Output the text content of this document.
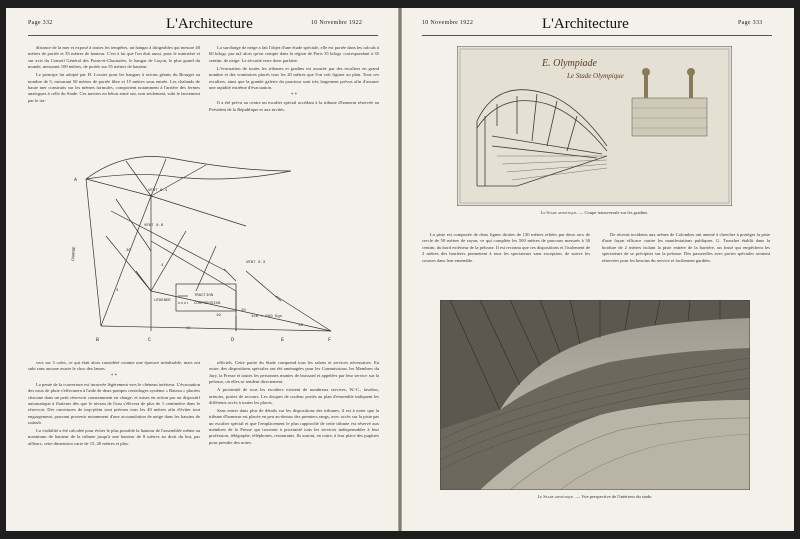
Page 332	L'Architecture	10 Novembre 1922

distance de la mer et exposé à toutes les tempêtes, un hangar à dirigeables qui mesure 40 mètres de portée et 35 mètres de hauteur. C'est à lui que l'on doit aussi, pour le ministère et sur avis du Conseil Général des Ponts-et-Chaussées, le hangar de Luçon, le plus grand du monde, mesurant 100 mètres, de portée sur 55 mètres de hauteur.

Le principe fut adopté par H. Lossier pour les hangars à avions géants du Bourget au nombre de 5, mesurant 50 mètres de portée libre et 15 mètres sous entrée. Les chalands de haute mer construits sur les mêmes formules, comportent notamment à l'arrière des fermes analogues à celle du Stade. Ces navires en béton armé ont, non seulement, subi le lancement par le tra-

La surcharge de neige a fait l'objet d'une étude spéciale, elle est portée dans les calculs à 60 kilogr. par m2 alors qu'on compte dans la région de Paris 35 kilogr. correspondant à 35 centim. de neige. La sécurité reste donc parfaite.

L'évacuation de toutes les tribunes et gradins est assurée par des escaliers en grand nombre et des vomitoires placés tous les 20 mètres que l'on voit figurer au plan. Tous ces escaliers, ainsi que la grande galerie du pourtour sont très largement prévus afin d'assurer une rapidité extrême d'évacuation.

* *

Il a été prévu au centre un escalier spécial accédant à la tribune d'honneur réservée au Président de la République et aux invités.

A
B	C	D	E	F
VENT 0.4
VENT 0.8
VENT 0.3
TRACTION
COMPRESSION
LÉGENDE
CHARGE
1cm = 500 Kgs
15
19
20
13
30
4
3

vers sur 3 cales, ce qui était alors considéré comme une épreuve irréalisable, mais ont subi sans aucune avarie le choc des lames.

* *

La pente de la couverture est incurvée légèrement vers le chéneau intérieur. L'évacuation des eaux de pluie s'effectuera à l'aide de deux pompes centrifuges système « Rateau » placées chacune dans un petit réservoir constamment en charge, et mises en action par un dispositif automatique à flotteurs dès que le niveau de l'eau s'élèvera de plus de 1 centimètre dans le réservoir. Des ouvertures de trop-plein sont prévues tous les 40 mètres afin d'éviter tout engorgement, pouvant provenir notamment d'une accumulation de neige dans les bassins de radoub.

La visibilité a été calculée pour éviter le plus possible la hauteur de l'assemblée même au maximum de hauteur de la tribune jusqu'à une hauteur de 8 mètres au droit du but, par ailleurs, cette dimension varie de 15, 20 mètres et plus.

officiels. Cette partie du Stade comprend tous les salons et services nécessaires. En outre, des dispositions spéciales ont été aménagées pour les Commissions, les Membres du Jury, la Presse et toutes les personnes munies de brassard et appelées par leur service sur la pelouse, où elles se rendent directement.

A proximité de tous les escaliers existent de nombreux services, W.-C., lavabos, urinoirs, postes de secours. Les disques de couleur portés au plan d'ensemble indiquent les différents accès à toutes les places.

Sans entrer dans plus de détails sur les dispositions des tribunes, il est à noter que la tribune d'honneur est placée en peu au-dessus des premiers rangs, avec accès sur la piste par un escalier spécial et que l'emplacement le plus rapproché de cette tribune est réservé aux membres de la Presse qui trouvent à proximité tous les services indispensables à leur profession, télégraphe, téléphones, restaurants. Ils auront, en outre, à leur place des pupitres pour prendre des notes.

10 Novembre 1922	L'Architecture	Page 333
E. Olympiade
Le Stade Olympique
Le Stade athlétique. — Coupe transversale sur les gradins.

La piste est composée de deux lignes droites de 130 mètres reliées par deux arcs de cercle de 50 mètres de rayon, ce qui complète les 500 mètres de parcours mesurés à 30 centim. du bord extérieur de la pelouse. Il est reconnu que ces dispositions et l'isolement de 2 mètres des barrières permettent à tous les spectateurs sans exception, de suivre les courses dans leur ensemble.

De récents incidents aux arènes de Colombes ont amené à chercher à protéger la piste d'une façon efficace contre les manifestations publiques. G. Tronchet établit dans la bordure de 2 mètres isolant la piste entière de la barrière, un fossé qui empêchera les spectateurs de se précipiter sur la pelouse. Des passerelles avec portes spéciales seraient réservées pour les besoins du service et facilement gardées.

Le Stade athlétique. — Vue perspective de l'intérieur du stade.
